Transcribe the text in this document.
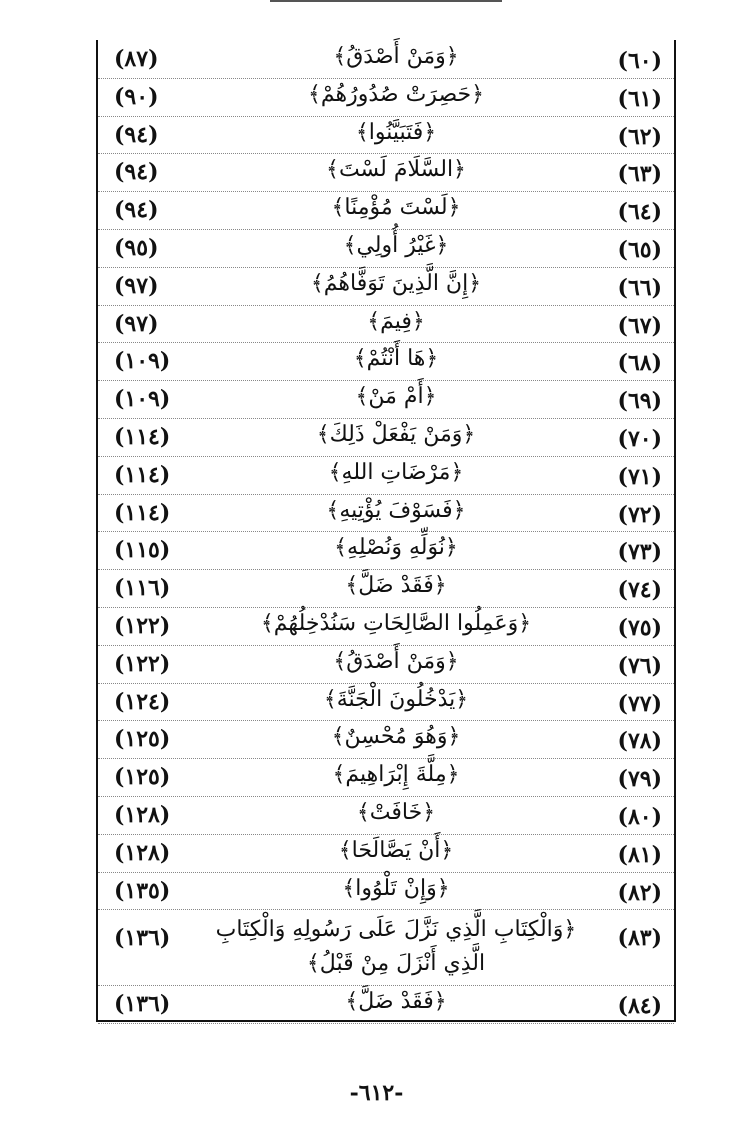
(٦٠)
﴿وَمَنْ أَصْدَقُ﴾
(٨٧)
(٦١)
﴿حَصِرَتْ صُدُورُهُمْ﴾
(٩٠)
(٦٢)
﴿فَتَبَيَّنُوا﴾
(٩٤)
(٦٣)
﴿السَّلَامَ لَسْتَ﴾
(٩٤)
(٦٤)
﴿لَسْتَ مُؤْمِنًا﴾
(٩٤)
(٦٥)
﴿غَيْرُ أُولِي﴾
(٩٥)
(٦٦)
﴿إِنَّ الَّذِينَ تَوَفَّاهُمُ﴾
(٩٧)
(٦٧)
﴿فِيمَ﴾
(٩٧)
(٦٨)
﴿هَا أَنْتُمْ﴾
(١٠٩)
(٦٩)
﴿أَمْ مَنْ﴾
(١٠٩)
(٧٠)
﴿وَمَنْ يَفْعَلْ ذَلِكَ﴾
(١١٤)
(٧١)
﴿مَرْضَاتِ اللهِ﴾
(١١٤)
(٧٢)
﴿فَسَوْفَ يُؤْتِيهِ﴾
(١١٤)
(٧٣)
﴿نُوَلِّهِ وَنُصْلِهِ﴾
(١١٥)
(٧٤)
﴿فَقَدْ ضَلَّ﴾
(١١٦)
(٧٥)
﴿وَعَمِلُوا الصَّالِحَاتِ سَنُدْخِلُهُمْ﴾
(١٢٢)
(٧٦)
﴿وَمَنْ أَصْدَقُ﴾
(١٢٢)
(٧٧)
﴿يَدْخُلُونَ الْجَنَّةَ﴾
(١٢٤)
(٧٨)
﴿وَهُوَ مُحْسِنٌ﴾
(١٢٥)
(٧٩)
﴿مِلَّةَ إِبْرَاهِيمَ﴾
(١٢٥)
(٨٠)
﴿خَافَتْ﴾
(١٢٨)
(٨١)
﴿أَنْ يَصَّالَحَا﴾
(١٢٨)
(٨٢)
﴿وَإِنْ تَلْوُوا﴾
(١٣٥)
(٨٣)
﴿وَالْكِتَابِ الَّذِي نَزَّلَ عَلَى رَسُولِهِ وَالْكِتَابِ الَّذِي أَنْزَلَ مِنْ قَبْلُ﴾
(١٣٦)
(٨٤)
﴿فَقَدْ ضَلَّ﴾
(١٣٦)
-٦١٢-
